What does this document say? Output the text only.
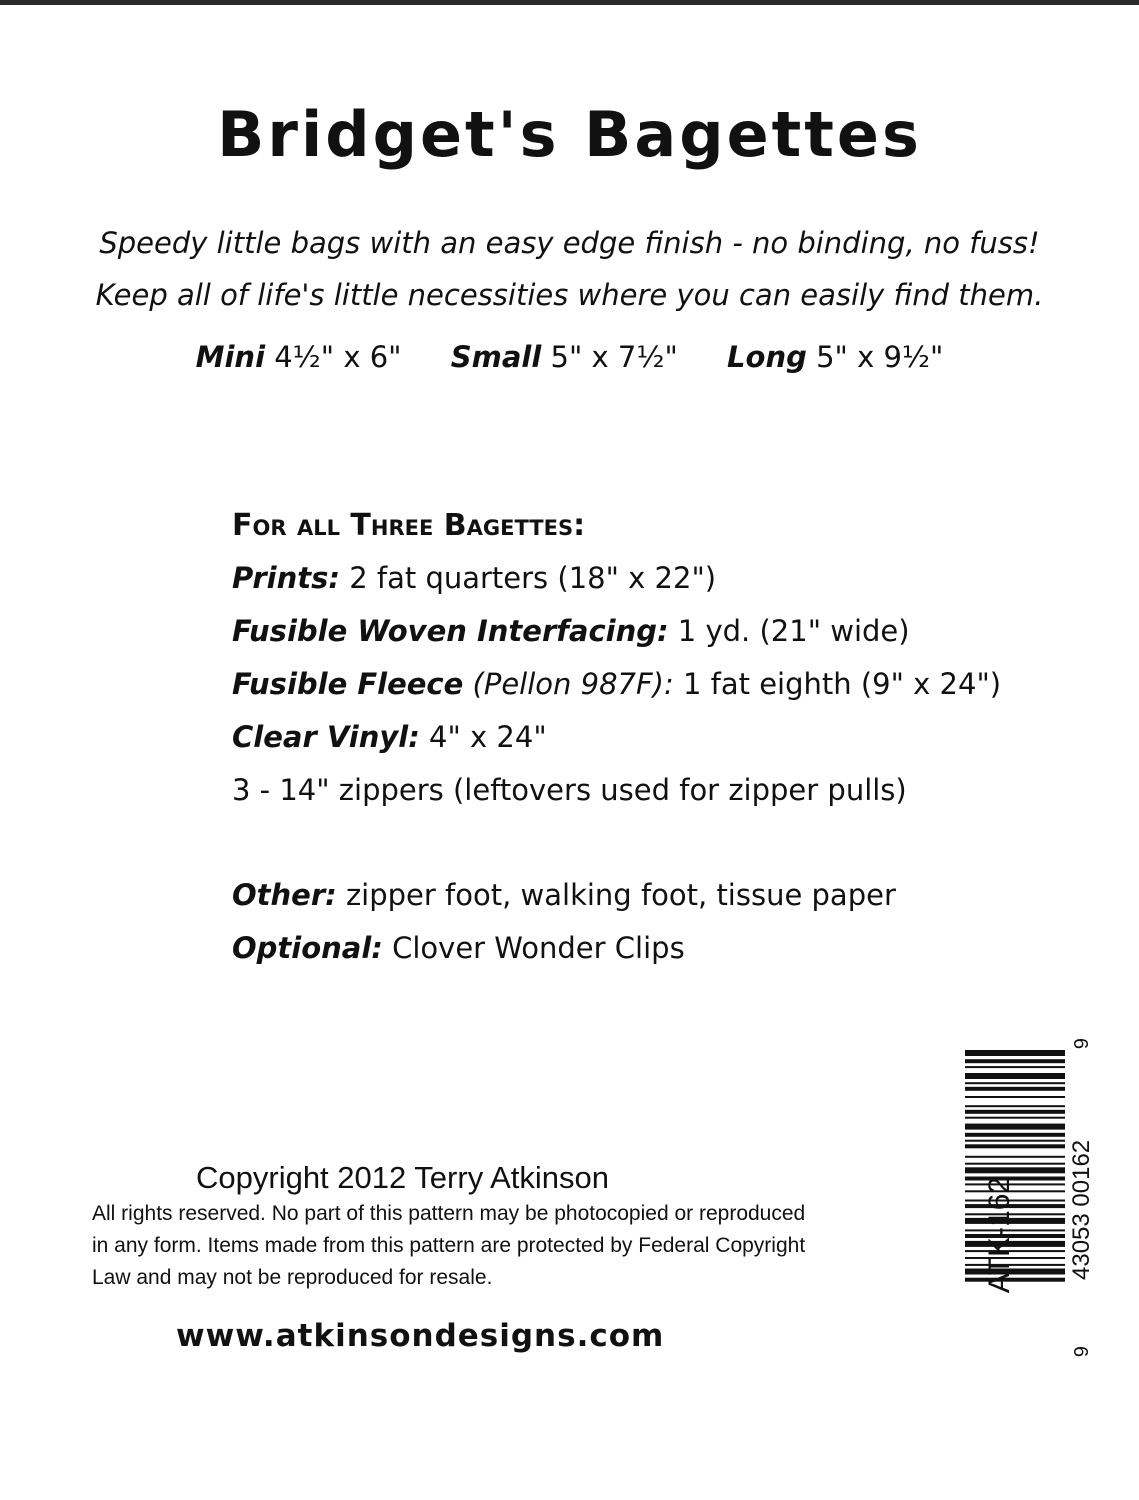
Bridget's Bagettes
Speedy little bags with an easy edge finish - no binding, no fuss!
Keep all of life's little necessities where you can easily find them.
Mini 4½" x 6" Small 5" x 7½" Long 5" x 9½"
For all Three Bagettes:
Prints: 2 fat quarters (18" x 22")
Fusible Woven Interfacing: 1 yd. (21" wide)
Fusible Fleece (Pellon 987F): 1 fat eighth (9" x 24")
Clear Vinyl: 4" x 24"
3 - 14" zippers (leftovers used for zipper pulls)
Other: zipper foot, walking foot, tissue paper
Optional: Clover Wonder Clips
Copyright 2012 Terry Atkinson
All rights reserved. No part of this pattern may be photocopied or reproduced in any form. Items made from this pattern are protected by Federal Copyright Law and may not be reproduced for resale.
www.atkinsondesigns.com
6
43053 00162
6
